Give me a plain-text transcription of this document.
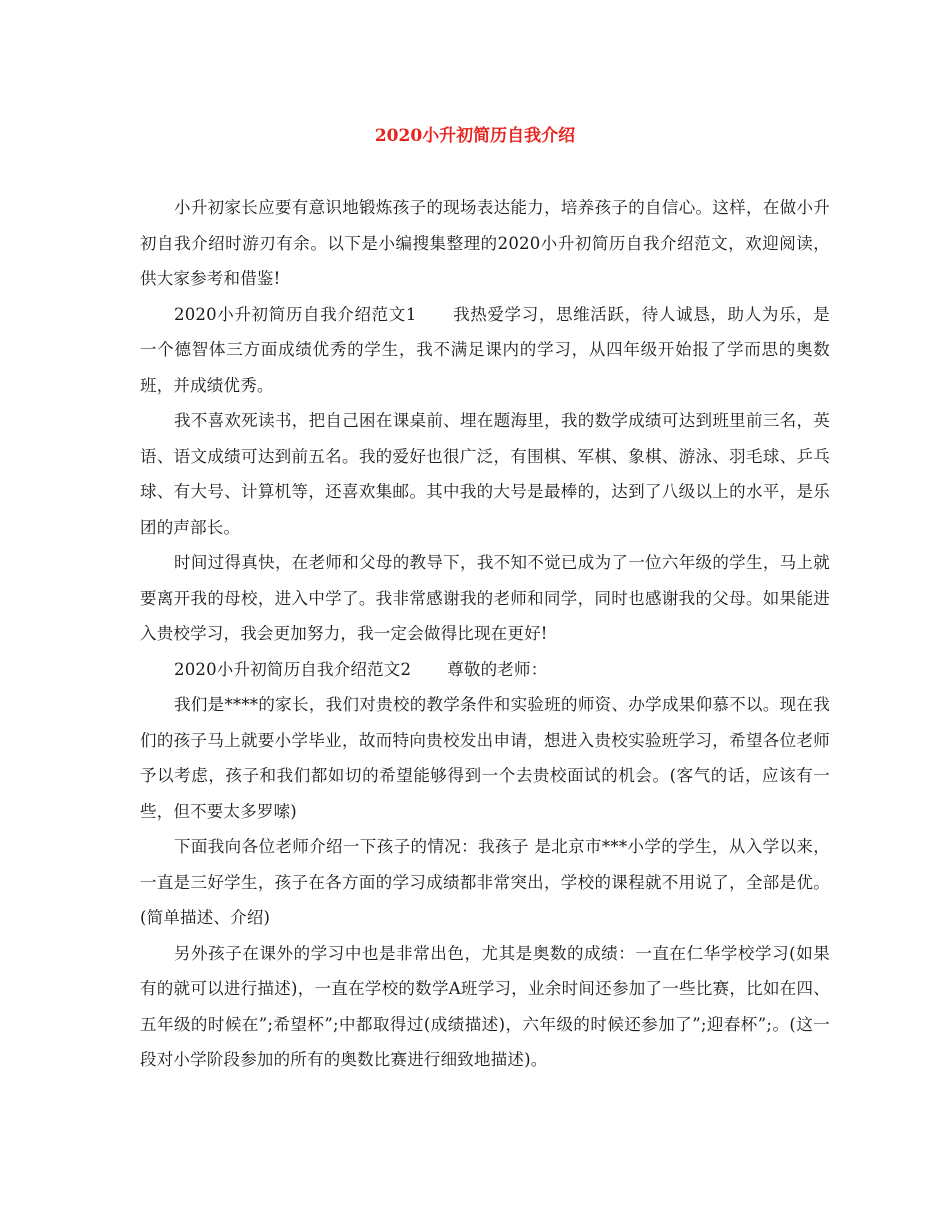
2020小升初简历自我介绍

小升初家长应要有意识地锻炼孩子的现场表达能力，培养孩子的自信心。这样，在做小升初自我介绍时游刃有余。以下是小编搜集整理的2020小升初简历自我介绍范文，欢迎阅读，供大家参考和借鉴!

2020小升初简历自我介绍范文1 我热爱学习，思维活跃，待人诚恳，助人为乐，是一个德智体三方面成绩优秀的学生，我不满足课内的学习，从四年级开始报了学而思的奥数班，并成绩优秀。

我不喜欢死读书，把自己困在课桌前、埋在题海里，我的数学成绩可达到班里前三名，英语、语文成绩可达到前五名。我的爱好也很广泛，有围棋、军棋、象棋、游泳、羽毛球、乒乓球、有大号、计算机等，还喜欢集邮。其中我的大号是最棒的，达到了八级以上的水平，是乐团的声部长。

时间过得真快，在老师和父母的教导下，我不知不觉已成为了一位六年级的学生，马上就要离开我的母校，进入中学了。我非常感谢我的老师和同学，同时也感谢我的父母。如果能进入贵校学习，我会更加努力，我一定会做得比现在更好!

2020小升初简历自我介绍范文2 尊敬的老师：

我们是****的家长，我们对贵校的教学条件和实验班的师资、办学成果仰慕不以。现在我们的孩子马上就要小学毕业，故而特向贵校发出申请，想进入贵校实验班学习，希望各位老师予以考虑，孩子和我们都如切的希望能够得到一个去贵校面试的机会。(客气的话，应该有一些，但不要太多罗嗦)

下面我向各位老师介绍一下孩子的情况：我孩子 是北京市***小学的学生，从入学以来，一直是三好学生，孩子在各方面的学习成绩都非常突出，学校的课程就不用说了，全部是优。(简单描述、介绍)

另外孩子在课外的学习中也是非常出色，尤其是奥数的成绩：一直在仁华学校学习(如果有的就可以进行描述)，一直在学校的数学A班学习，业余时间还参加了一些比赛，比如在四、五年级的时候在”;希望杯”;中都取得过(成绩描述)，六年级的时候还参加了”;迎春杯”;。(这一段对小学阶段参加的所有的奥数比赛进行细致地描述)。
